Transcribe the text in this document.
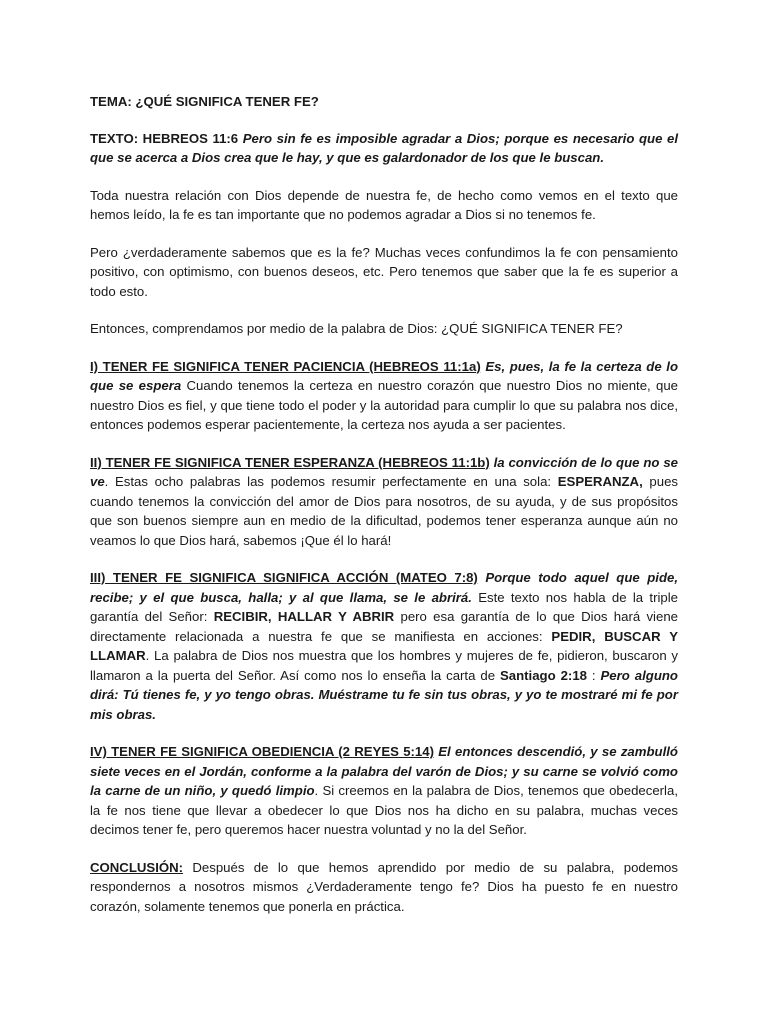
TEMA: ¿QUÉ SIGNIFICA TENER FE?

TEXTO: HEBREOS 11:6 Pero sin fe es imposible agradar a Dios; porque es necesario que el que se acerca a Dios crea que le hay, y que es galardonador de los que le buscan.

Toda nuestra relación con Dios depende de nuestra fe, de hecho como vemos en el texto que hemos leído, la fe es tan importante que no podemos agradar a Dios si no tenemos fe.

Pero ¿verdaderamente sabemos que es la fe? Muchas veces confundimos la fe con pensamiento positivo, con optimismo, con buenos deseos, etc. Pero tenemos que saber que la fe es superior a todo esto.

Entonces, comprendamos por medio de la palabra de Dios: ¿QUÉ SIGNIFICA TENER FE?

I) TENER FE SIGNIFICA TENER PACIENCIA (HEBREOS 11:1a) Es, pues, la fe la certeza de lo que se espera Cuando tenemos la certeza en nuestro corazón que nuestro Dios no miente, que nuestro Dios es fiel, y que tiene todo el poder y la autoridad para cumplir lo que su palabra nos dice, entonces podemos esperar pacientemente, la certeza nos ayuda a ser pacientes.

II) TENER FE SIGNIFICA TENER ESPERANZA (HEBREOS 11:1b) la convicción de lo que no se ve. Estas ocho palabras las podemos resumir perfectamente en una sola: ESPERANZA, pues cuando tenemos la convicción del amor de Dios para nosotros, de su ayuda, y de sus propósitos que son buenos siempre aun en medio de la dificultad, podemos tener esperanza aunque aún no veamos lo que Dios hará, sabemos ¡Que él lo hará!

III) TENER FE SIGNIFICA SIGNIFICA ACCIÓN (MATEO 7:8) Porque todo aquel que pide, recibe; y el que busca, halla; y al que llama, se le abrirá. Este texto nos habla de la triple garantía del Señor: RECIBIR, HALLAR Y ABRIR pero esa garantía de lo que Dios hará viene directamente relacionada a nuestra fe que se manifiesta en acciones: PEDIR, BUSCAR Y LLAMAR. La palabra de Dios nos muestra que los hombres y mujeres de fe, pidieron, buscaron y llamaron a la puerta del Señor. Así como nos lo enseña la carta de Santiago 2:18 : Pero alguno dirá: Tú tienes fe, y yo tengo obras. Muéstrame tu fe sin tus obras, y yo te mostraré mi fe por mis obras.

IV) TENER FE SIGNIFICA OBEDIENCIA (2 REYES 5:14) El entonces descendió, y se zambulló siete veces en el Jordán, conforme a la palabra del varón de Dios; y su carne se volvió como la carne de un niño, y quedó limpio. Si creemos en la palabra de Dios, tenemos que obedecerla, la fe nos tiene que llevar a obedecer lo que Dios nos ha dicho en su palabra, muchas veces decimos tener fe, pero queremos hacer nuestra voluntad y no la del Señor.

CONCLUSIÓN: Después de lo que hemos aprendido por medio de su palabra, podemos respondernos a nosotros mismos ¿Verdaderamente tengo fe? Dios ha puesto fe en nuestro corazón, solamente tenemos que ponerla en práctica.
